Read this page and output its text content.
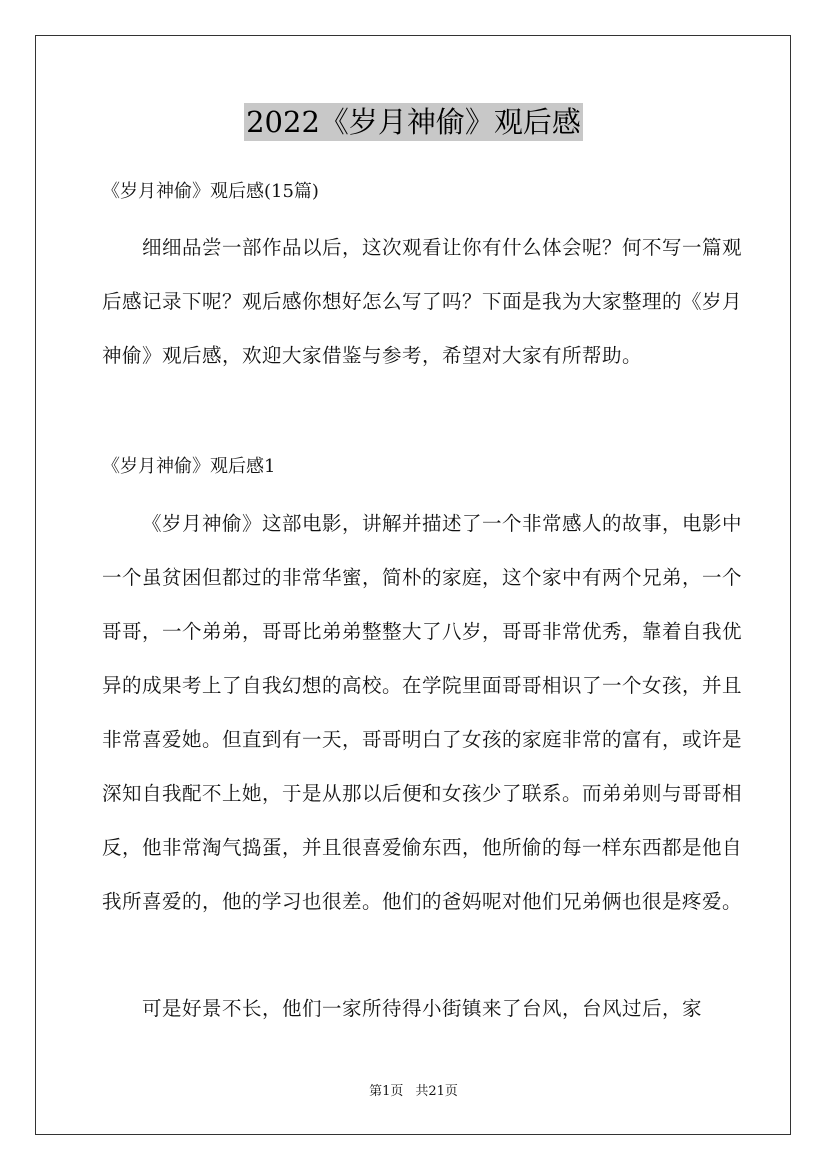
2022《岁月神偷》观后感
《岁月神偷》观后感(15篇)

细细品尝一部作品以后，这次观看让你有什么体会呢？何不写一篇观后感记录下呢？观后感你想好怎么写了吗？下面是我为大家整理的《岁月神偷》观后感，欢迎大家借鉴与参考，希望对大家有所帮助。

《岁月神偷》观后感1

《岁月神偷》这部电影，讲解并描述了一个非常感人的故事，电影中一个虽贫困但都过的非常华蜜，简朴的家庭，这个家中有两个兄弟，一个哥哥，一个弟弟，哥哥比弟弟整整大了八岁，哥哥非常优秀，靠着自我优异的成果考上了自我幻想的高校。在学院里面哥哥相识了一个女孩，并且非常喜爱她。但直到有一天，哥哥明白了女孩的家庭非常的富有，或许是深知自我配不上她，于是从那以后便和女孩少了联系。而弟弟则与哥哥相反，他非常淘气捣蛋，并且很喜爱偷东西，他所偷的每一样东西都是他自我所喜爱的，他的学习也很差。他们的爸妈呢对他们兄弟俩也很是疼爱。

可是好景不长，他们一家所待得小街镇来了台风，台风过后，家

第1页 共21页
